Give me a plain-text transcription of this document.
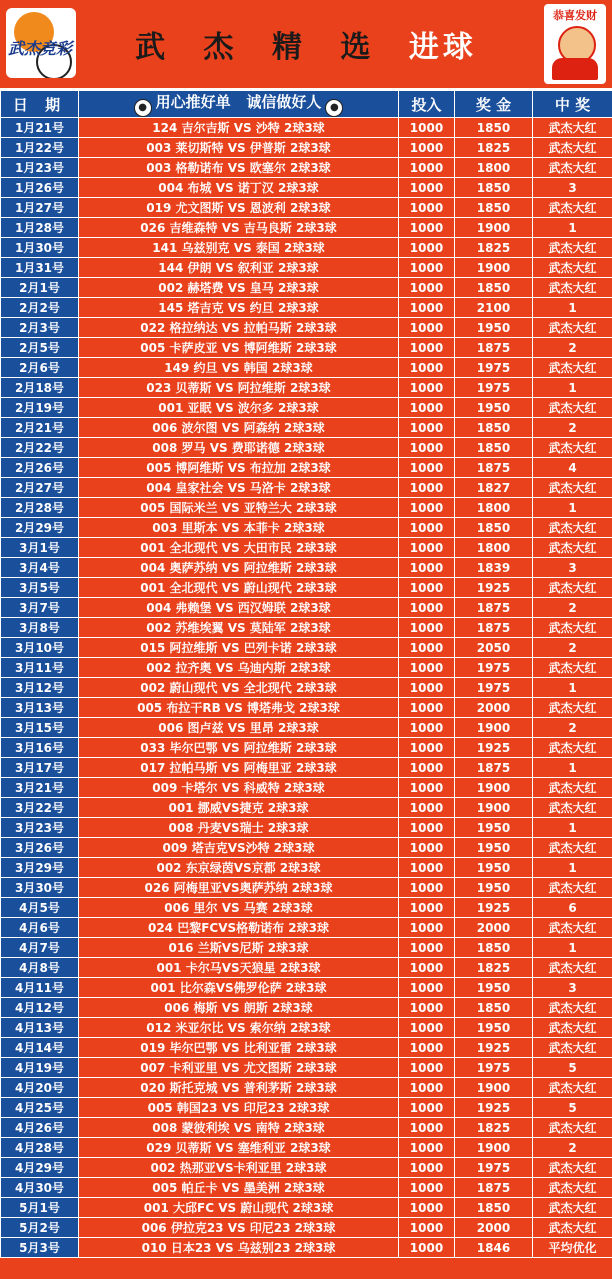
武杰竞彩	武 杰 精 选 进球
恭喜发财
日 期	● 用心推好单 诚信做好人 ●	投入	奖 金	中 奖
1月21号	124 吉尔吉斯 VS 沙特 2球3球	1000	1850	武杰大红
1月22号	003 莱切斯特 VS 伊普斯 2球3球	1000	1825	武杰大红
1月23号	003 格勒诺布 VS 欧塞尔 2球3球	1000	1800	武杰大红
1月26号	004 布城 VS 诺丁汉 2球3球	1000	1850	3
1月27号	019 尤文图斯 VS 恩波利 2球3球	1000	1850	武杰大红
1月28号	026 吉维森特 VS 吉马良斯 2球3球	1000	1900	1
1月30号	141 乌兹别克 VS 泰国 2球3球	1000	1825	武杰大红
1月31号	144 伊朗 VS 叙利亚 2球3球	1000	1900	武杰大红
2月1号	002 赫塔费 VS 皇马 2球3球	1000	1850	武杰大红
2月2号	145 塔吉克 VS 约旦 2球3球	1000	2100	1
2月3号	022 格拉纳达 VS 拉帕马斯 2球3球	1000	1950	武杰大红
2月5号	005 卡萨皮亚 VS 博阿维斯 2球3球	1000	1875	2
2月6号	149 约旦 VS 韩国 2球3球	1000	1975	武杰大红
2月18号	023 贝蒂斯 VS 阿拉维斯 2球3球	1000	1975	1
2月19号	001 亚眠 VS 波尔多 2球3球	1000	1950	武杰大红
2月21号	006 波尔图 VS 阿森纳 2球3球	1000	1850	2
2月22号	008 罗马 VS 费耶诺德 2球3球	1000	1850	武杰大红
2月26号	005 博阿维斯 VS 布拉加 2球3球	1000	1875	4
2月27号	004 皇家社会 VS 马洛卡 2球3球	1000	1827	武杰大红
2月28号	005 国际米兰 VS 亚特兰大 2球3球	1000	1800	1
2月29号	003 里斯本 VS 本菲卡 2球3球	1000	1850	武杰大红
3月1号	001 全北现代 VS 大田市民 2球3球	1000	1800	武杰大红
3月4号	004 奥萨苏纳 VS 阿拉维斯 2球3球	1000	1839	3
3月5号	001 全北现代 VS 蔚山现代 2球3球	1000	1925	武杰大红
3月7号	004 弗赖堡 VS 西汉姆联 2球3球	1000	1875	2
3月8号	002 苏维埃翼 VS 莫陆军 2球3球	1000	1875	武杰大红
3月10号	015 阿拉维斯 VS 巴列卡诺 2球3球	1000	2050	2
3月11号	002 拉齐奥 VS 乌迪内斯 2球3球	1000	1975	武杰大红
3月12号	002 蔚山现代 VS 全北现代 2球3球	1000	1975	1
3月13号	005 布拉干RB VS 博塔弗戈 2球3球	1000	2000	武杰大红
3月15号	006 图卢兹 VS 里昂 2球3球	1000	1900	2
3月16号	033 毕尔巴鄂 VS 阿拉维斯 2球3球	1000	1925	武杰大红
3月17号	017 拉帕马斯 VS 阿梅里亚 2球3球	1000	1875	1
3月21号	009 卡塔尔 VS 科威特 2球3球	1000	1900	武杰大红
3月22号	001 挪威VS捷克 2球3球	1000	1900	武杰大红
3月23号	008 丹麦VS瑞士 2球3球	1000	1950	1
3月26号	009 塔吉克VS沙特 2球3球	1000	1950	武杰大红
3月29号	002 东京绿茵VS京都 2球3球	1000	1950	1
3月30号	026 阿梅里亚VS奥萨苏纳 2球3球	1000	1950	武杰大红
4月5号	006 里尔 VS 马赛 2球3球	1000	1925	6
4月6号	024 巴黎FCVS格勒诺布 2球3球	1000	2000	武杰大红
4月7号	016 兰斯VS尼斯 2球3球	1000	1850	1
4月8号	001 卡尔马VS天狼星 2球3球	1000	1825	武杰大红
4月11号	001 比尔森VS佛罗伦萨 2球3球	1000	1950	3
4月12号	006 梅斯 VS 朗斯 2球3球	1000	1850	武杰大红
4月13号	012 米亚尔比 VS 索尔纳 2球3球	1000	1950	武杰大红
4月14号	019 毕尔巴鄂 VS 比利亚雷 2球3球	1000	1925	武杰大红
4月19号	007 卡利亚里 VS 尤文图斯 2球3球	1000	1975	5
4月20号	020 斯托克城 VS 普利茅斯 2球3球	1000	1900	武杰大红
4月25号	005 韩国23 VS 印尼23 2球3球	1000	1925	5
4月26号	008 蒙彼利埃 VS 南特 2球3球	1000	1825	武杰大红
4月28号	029 贝蒂斯 VS 塞维利亚 2球3球	1000	1900	2
4月29号	002 热那亚VS卡利亚里 2球3球	1000	1975	武杰大红
4月30号	005 帕丘卡 VS 墨美洲 2球3球	1000	1875	武杰大红
5月1号	001 大邱FC VS 蔚山现代 2球3球	1000	1850	武杰大红
5月2号	006 伊拉克23 VS 印尼23 2球3球	1000	2000	武杰大红
5月3号	010 日本23 VS 乌兹别23 2球3球	1000	1846	平均优化
